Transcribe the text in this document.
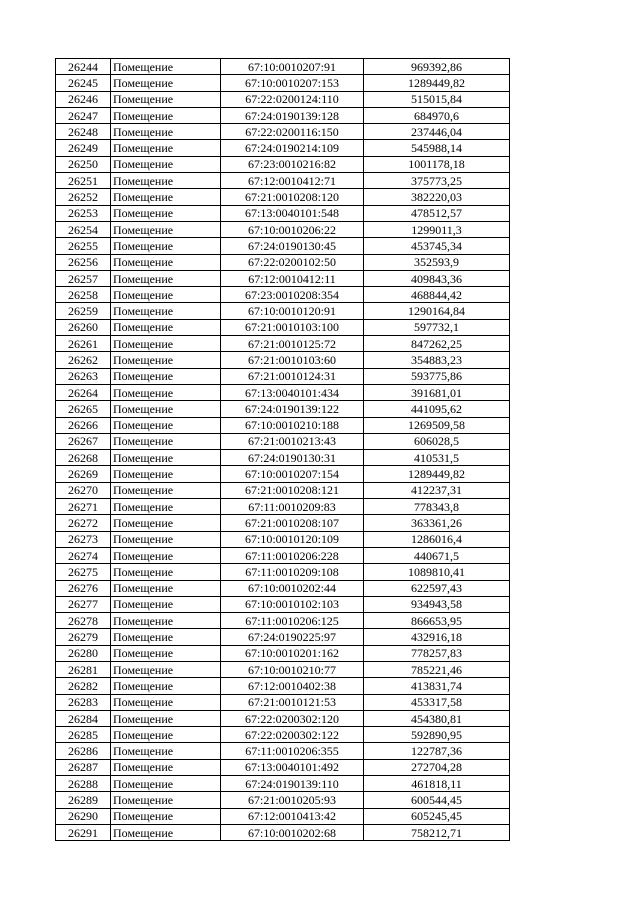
26244	Помещение	67:10:0010207:91	969392,86
26245	Помещение	67:10:0010207:153	1289449,82
26246	Помещение	67:22:0200124:110	515015,84
26247	Помещение	67:24:0190139:128	684970,6
26248	Помещение	67:22:0200116:150	237446,04
26249	Помещение	67:24:0190214:109	545988,14
26250	Помещение	67:23:0010216:82	1001178,18
26251	Помещение	67:12:0010412:71	375773,25
26252	Помещение	67:21:0010208:120	382220,03
26253	Помещение	67:13:0040101:548	478512,57
26254	Помещение	67:10:0010206:22	1299011,3
26255	Помещение	67:24:0190130:45	453745,34
26256	Помещение	67:22:0200102:50	352593,9
26257	Помещение	67:12:0010412:11	409843,36
26258	Помещение	67:23:0010208:354	468844,42
26259	Помещение	67:10:0010120:91	1290164,84
26260	Помещение	67:21:0010103:100	597732,1
26261	Помещение	67:21:0010125:72	847262,25
26262	Помещение	67:21:0010103:60	354883,23
26263	Помещение	67:21:0010124:31	593775,86
26264	Помещение	67:13:0040101:434	391681,01
26265	Помещение	67:24:0190139:122	441095,62
26266	Помещение	67:10:0010210:188	1269509,58
26267	Помещение	67:21:0010213:43	606028,5
26268	Помещение	67:24:0190130:31	410531,5
26269	Помещение	67:10:0010207:154	1289449,82
26270	Помещение	67:21:0010208:121	412237,31
26271	Помещение	67:11:0010209:83	778343,8
26272	Помещение	67:21:0010208:107	363361,26
26273	Помещение	67:10:0010120:109	1286016,4
26274	Помещение	67:11:0010206:228	440671,5
26275	Помещение	67:11:0010209:108	1089810,41
26276	Помещение	67:10:0010202:44	622597,43
26277	Помещение	67:10:0010102:103	934943,58
26278	Помещение	67:11:0010206:125	866653,95
26279	Помещение	67:24:0190225:97	432916,18
26280	Помещение	67:10:0010201:162	778257,83
26281	Помещение	67:10:0010210:77	785221,46
26282	Помещение	67:12:0010402:38	413831,74
26283	Помещение	67:21:0010121:53	453317,58
26284	Помещение	67:22:0200302:120	454380,81
26285	Помещение	67:22:0200302:122	592890,95
26286	Помещение	67:11:0010206:355	122787,36
26287	Помещение	67:13:0040101:492	272704,28
26288	Помещение	67:24:0190139:110	461818,11
26289	Помещение	67:21:0010205:93	600544,45
26290	Помещение	67:12:0010413:42	605245,45
26291	Помещение	67:10:0010202:68	758212,71
